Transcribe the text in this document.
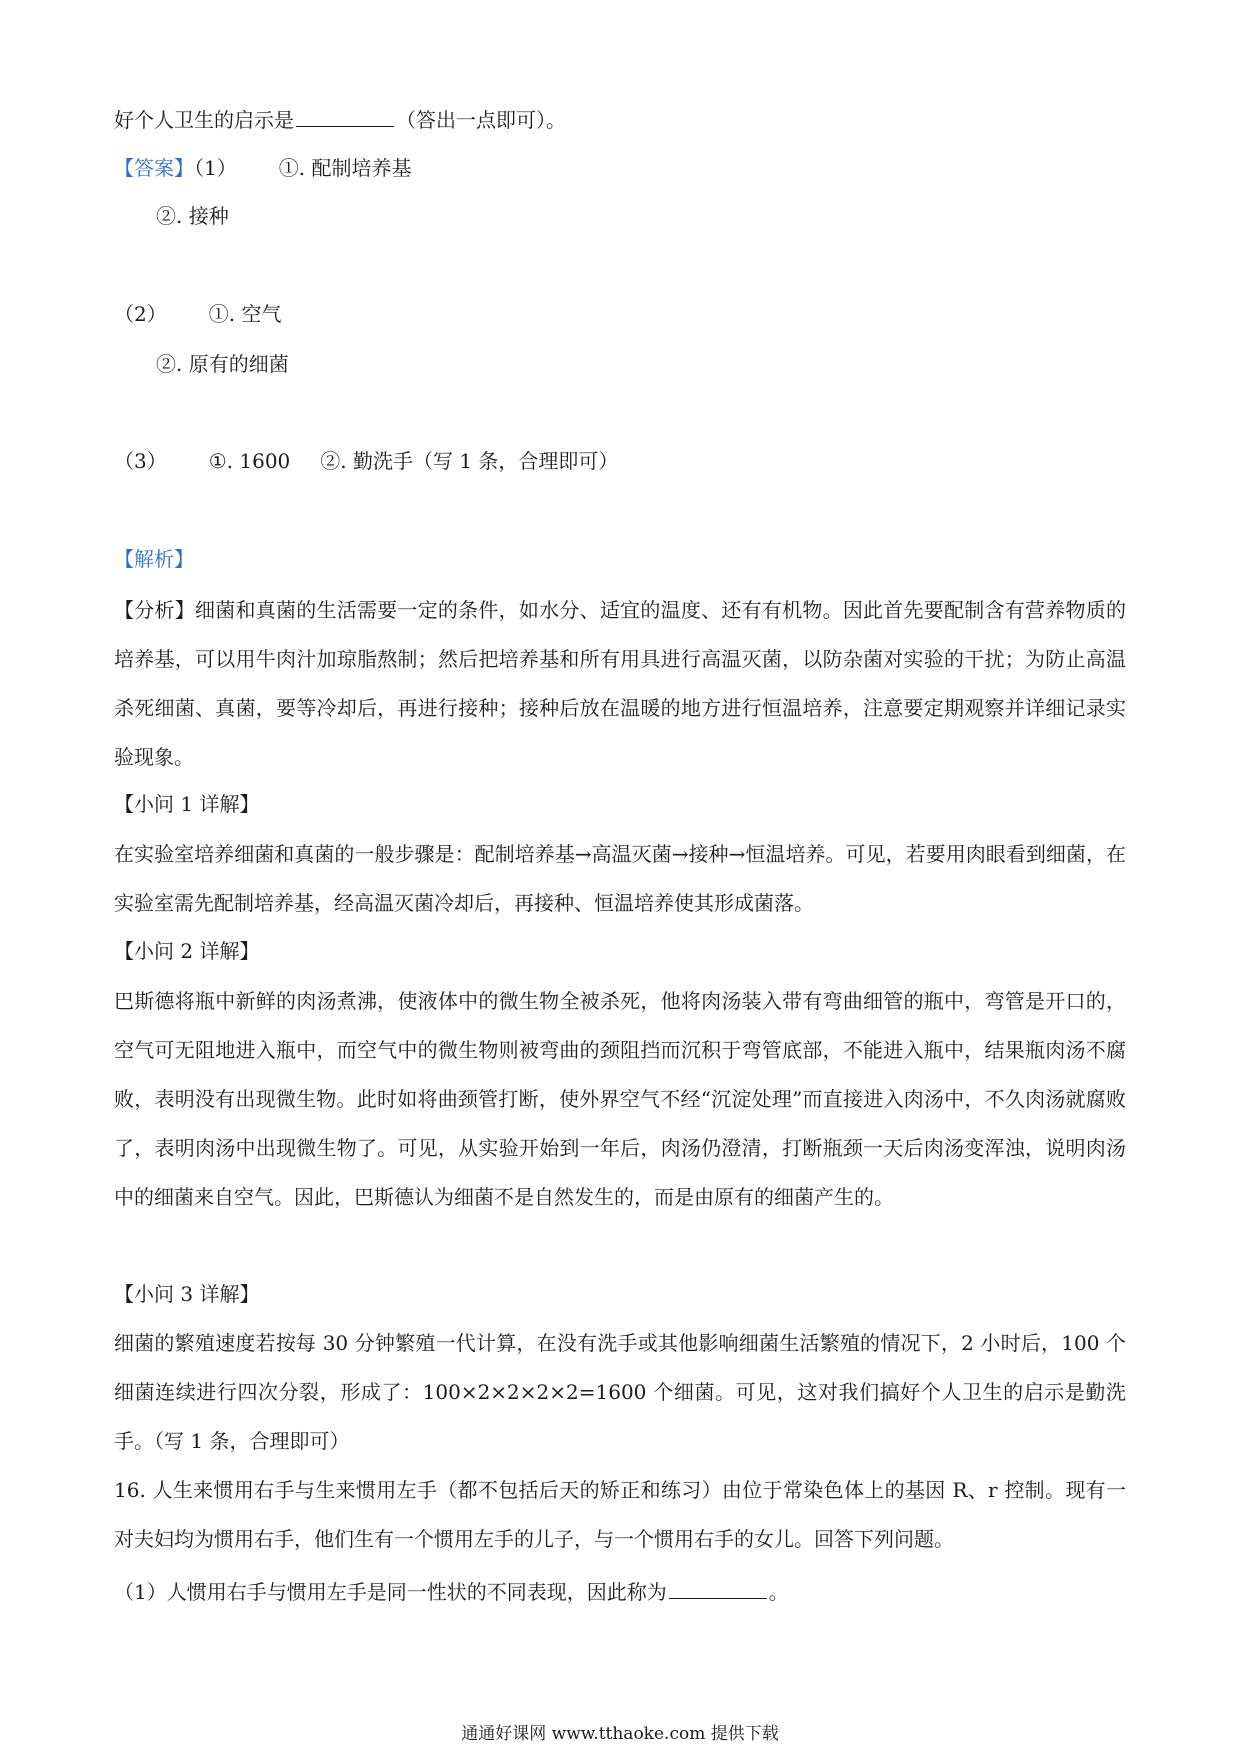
好个人卫生的启示是	（答出一点即可）。
【答案】（1） ①. 配制培养基
②. 接种
（2） ①. 空气
②. 原有的细菌
（3） ①. 1600 ②. 勤洗手（写 1 条，合理即可）
【解析】
【分析】细菌和真菌的生活需要一定的条件，如水分、适宜的温度、还有有机物。因此首先要配制含有营养物质的培养基，可以用牛肉汁加琼脂熬制；然后把培养基和所有用具进行高温灭菌，以防杂菌对实验的干扰；为防止高温杀死细菌、真菌，要等冷却后，再进行接种；接种后放在温暖的地方进行恒温培养，注意要定期观察并详细记录实验现象。
【小问 1 详解】
在实验室培养细菌和真菌的一般步骤是：配制培养基→高温灭菌→接种→恒温培养。可见，若要用肉眼看到细菌，在实验室需先配制培养基，经高温灭菌冷却后，再接种、恒温培养使其形成菌落。
【小问 2 详解】
巴斯德将瓶中新鲜的肉汤煮沸，使液体中的微生物全被杀死，他将肉汤装入带有弯曲细管的瓶中，弯管是开口的，空气可无阻地进入瓶中，而空气中的微生物则被弯曲的颈阻挡而沉积于弯管底部，不能进入瓶中，结果瓶肉汤不腐败，表明没有出现微生物。此时如将曲颈管打断，使外界空气不经“沉淀处理”而直接进入肉汤中，不久肉汤就腐败了，表明肉汤中出现微生物了。可见，从实验开始到一年后，肉汤仍澄清，打断瓶颈一天后肉汤变浑浊，说明肉汤中的细菌来自空气。因此，巴斯德认为细菌不是自然发生的，而是由原有的细菌产生的。
【小问 3 详解】
细菌的繁殖速度若按每 30 分钟繁殖一代计算，在没有洗手或其他影响细菌生活繁殖的情况下，2 小时后，100 个细菌连续进行四次分裂，形成了：100×2×2×2×2=1600 个细菌。可见，这对我们搞好个人卫生的启示是勤洗手。（写 1 条，合理即可）
16. 人生来惯用右手与生来惯用左手（都不包括后天的矫正和练习）由位于常染色体上的基因 R、r 控制。现有一对夫妇均为惯用右手，他们生有一个惯用左手的儿子，与一个惯用右手的女儿。回答下列问题。
（1）人惯用右手与惯用左手是同一性状的不同表现，因此称为	。
通通好课网 www.tthaoke.com 提供下载
